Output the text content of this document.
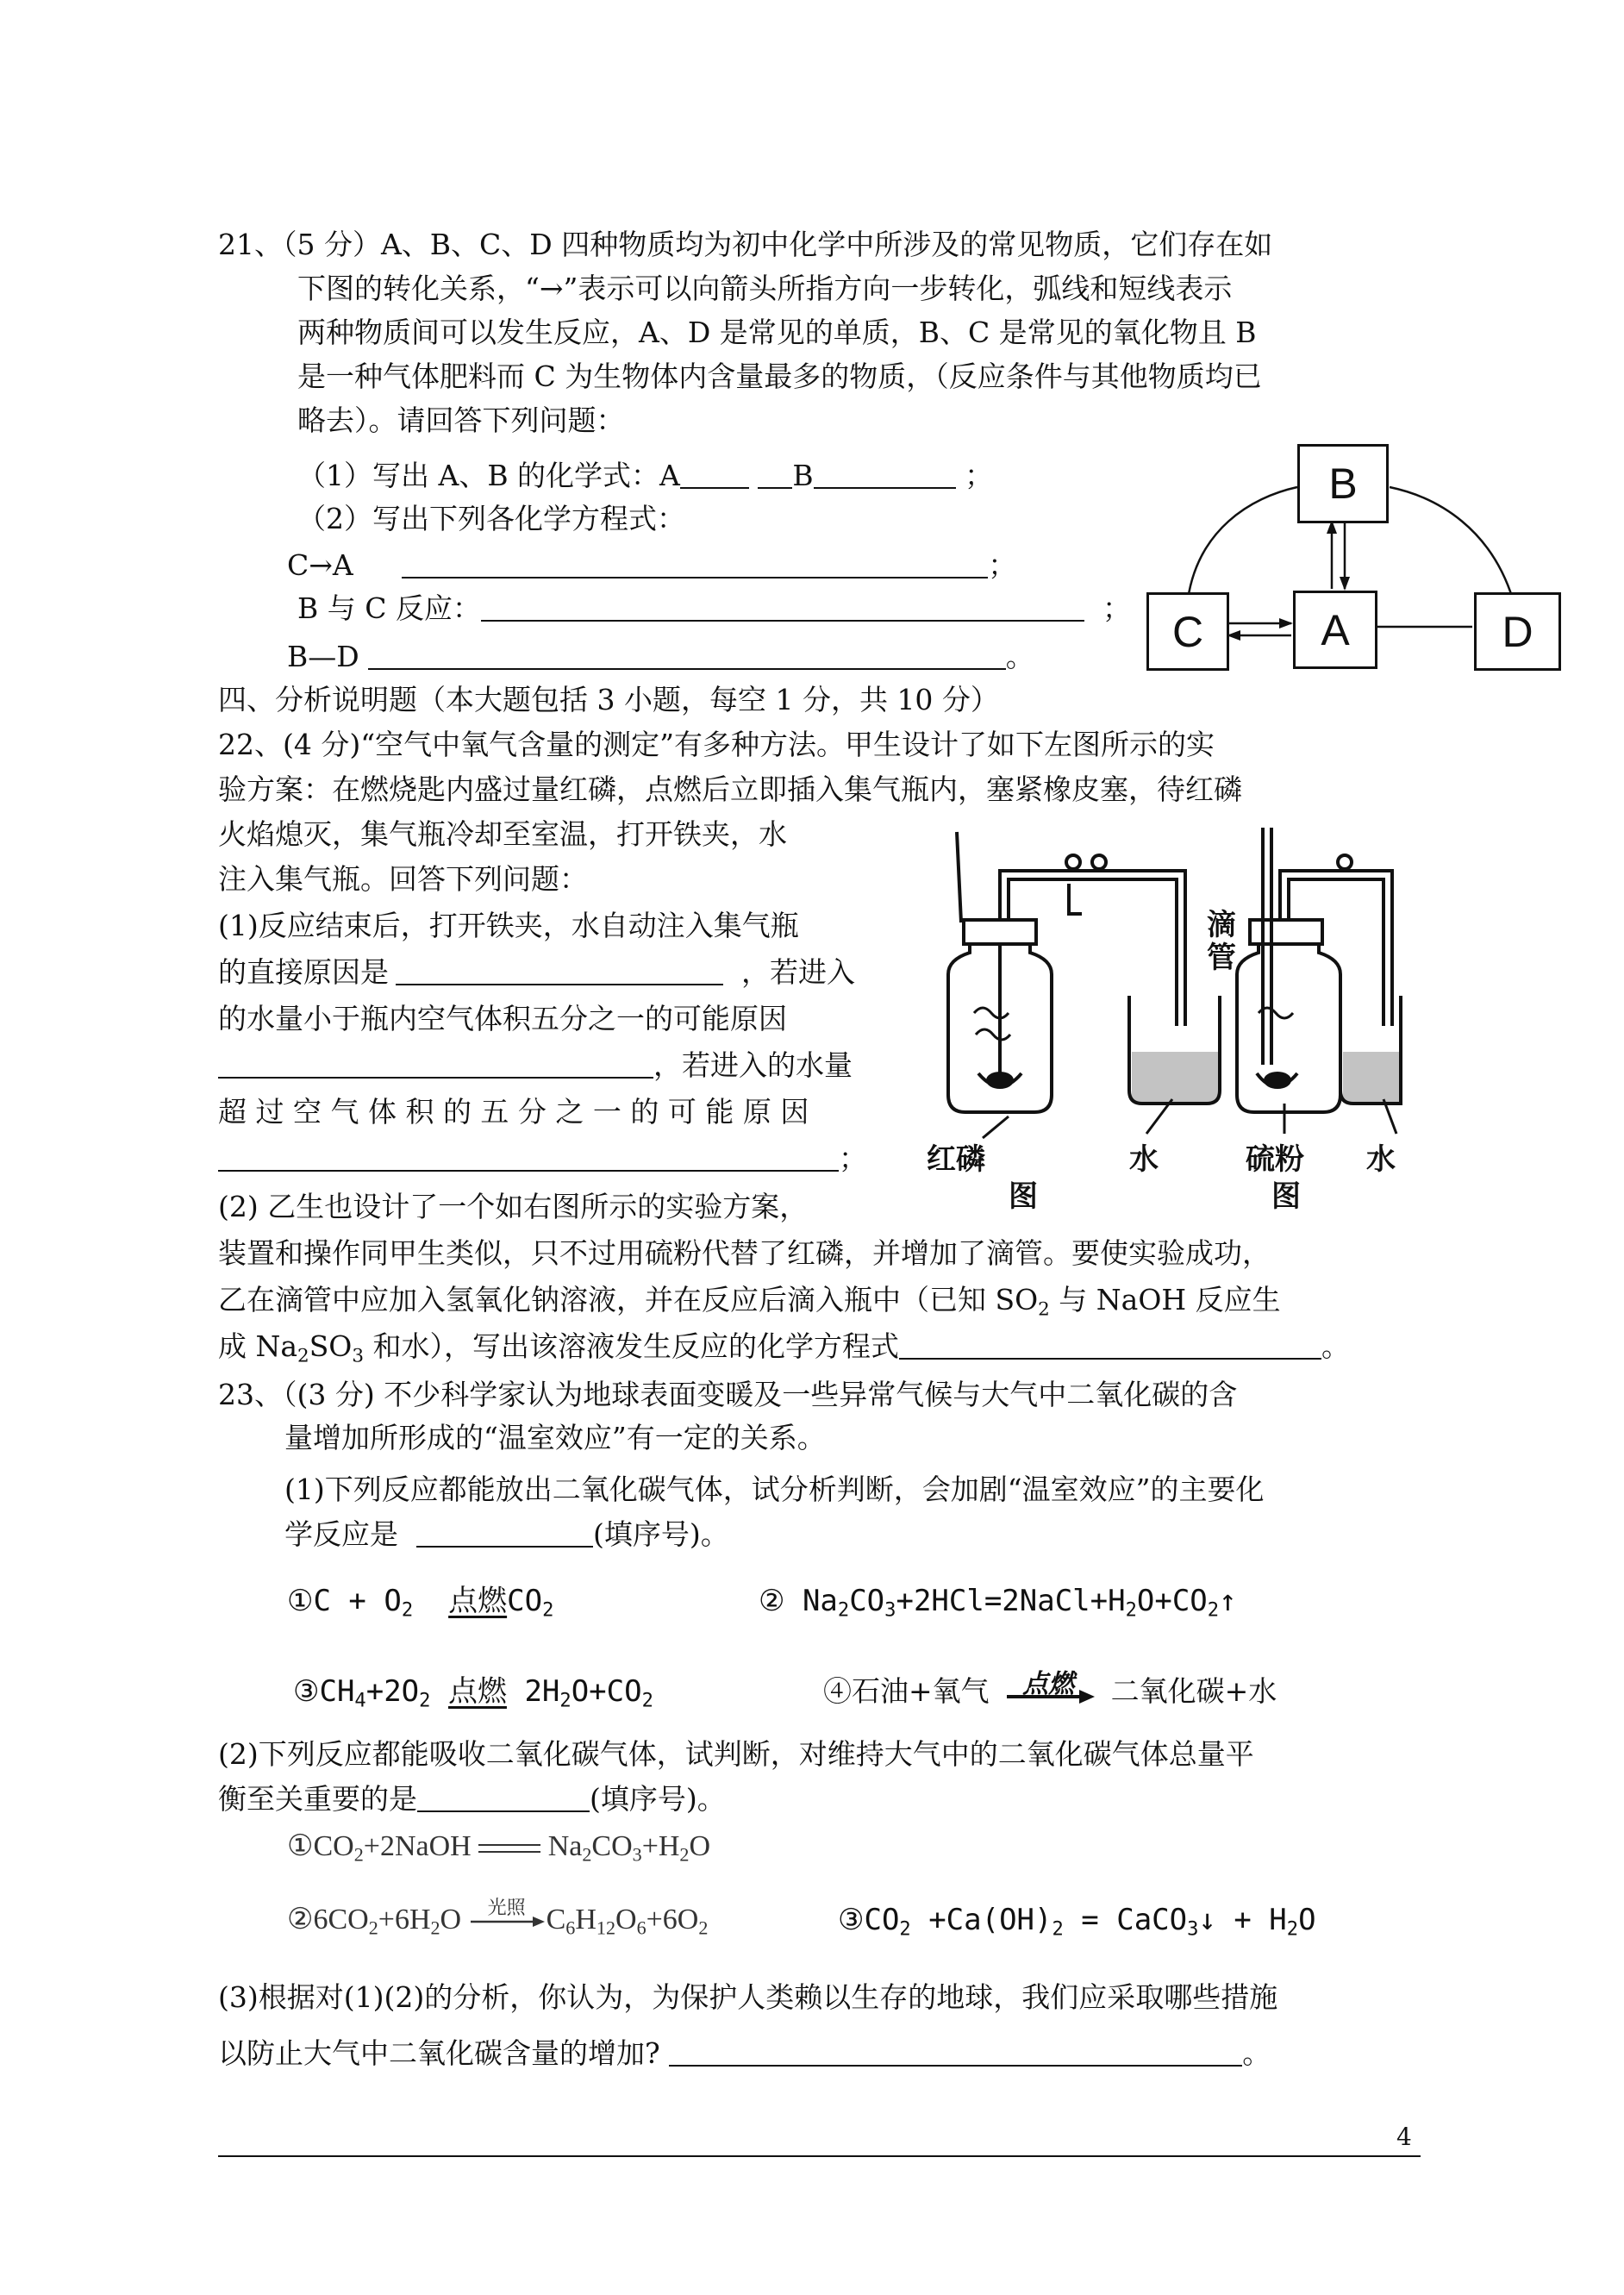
21、（5 分）A、B、C、D 四种物质均为初中化学中所涉及的常见物质，它们存在如
下图的转化关系，“→”表示可以向箭头所指方向一步转化，弧线和短线表示
两种物质间可以发生反应，A、D 是常见的单质，B、C 是常见的氧化物且 B
是一种气体肥料而 C 为生物体内含量最多的物质，（反应条件与其他物质均已
略去）。请回答下列问题：
（1）写出 A、B 的化学式：A	B	；
（2）写出下列各化学方程式：
C→A	；
B 与 C 反应：	；
B—D	。
B
A
C	D
四、分析说明题（本大题包括 3 小题，每空 1 分，共 10 分）
22、(4 分)“空气中氧气含量的测定”有多种方法。甲生设计了如下左图所示的实
验方案：在燃烧匙内盛过量红磷，点燃后立即插入集气瓶内，塞紧橡皮塞，待红磷
火焰熄灭，集气瓶冷却至室温，打开铁夹，水
注入集气瓶。回答下列问题：
(1)反应结束后，打开铁夹，水自动注入集气瓶
的直接原因是	，若进入
的水量小于瓶内空气体积五分之一的可能原因
，若进入的水量
超 过 空 气 体 积 的 五 分 之 一 的 可 能 原 因
；
(2) 乙生也设计了一个如右图所示的实验方案，
装置和操作同甲生类似，只不过用硫粉代替了红磷，并增加了滴管。要使实验成功，
乙在滴管中应加入氢氧化钠溶液，并在反应后滴入瓶中（已知 $SO_2$ 与 NaOH 反应生
成 $Na_2SO_3$ 和水），写出该溶液发生反应的化学方程式	。
红磷	水
图
滴
管
硫粉 水
图
23、（(3 分) 不少科学家认为地球表面变暖及一些异常气候与大气中二氧化碳的含
量增加所形成的“温室效应”有一定的关系。
(1)下列反应都能放出二氧化碳气体，试分析判断，会加剧“温室效应”的主要化
学反应是	(填序号)。
①C + $O_2$ 点燃$CO_2$	② $Na_2CO_3+2HCl=2NaCl+H_2O+CO_2↑$
$③CH_4+2O_2$ 点燃 $2H_2O+CO_2$	④石油+氧气 点燃 二氧化碳+水
(2)下列反应都能吸收二氧化碳气体，试判断，对维持大气中的二氧化碳气体总量平
衡至关重要的是	(填序号)。
$①CO_2+2NaOH$	$Na_2CO_3+H_2O$
$②6CO_2+6H_2O$ 光照 $C_6H_{12}O_6+6O_2$	$③CO_2 +Ca(OH)_2$ = CaCO$_3$↓ + $H_2O$
(3)根据对(1)(2)的分析，你认为，为保护人类赖以生存的地球，我们应采取哪些措施
以防止大气中二氧化碳含量的增加?	。
4
